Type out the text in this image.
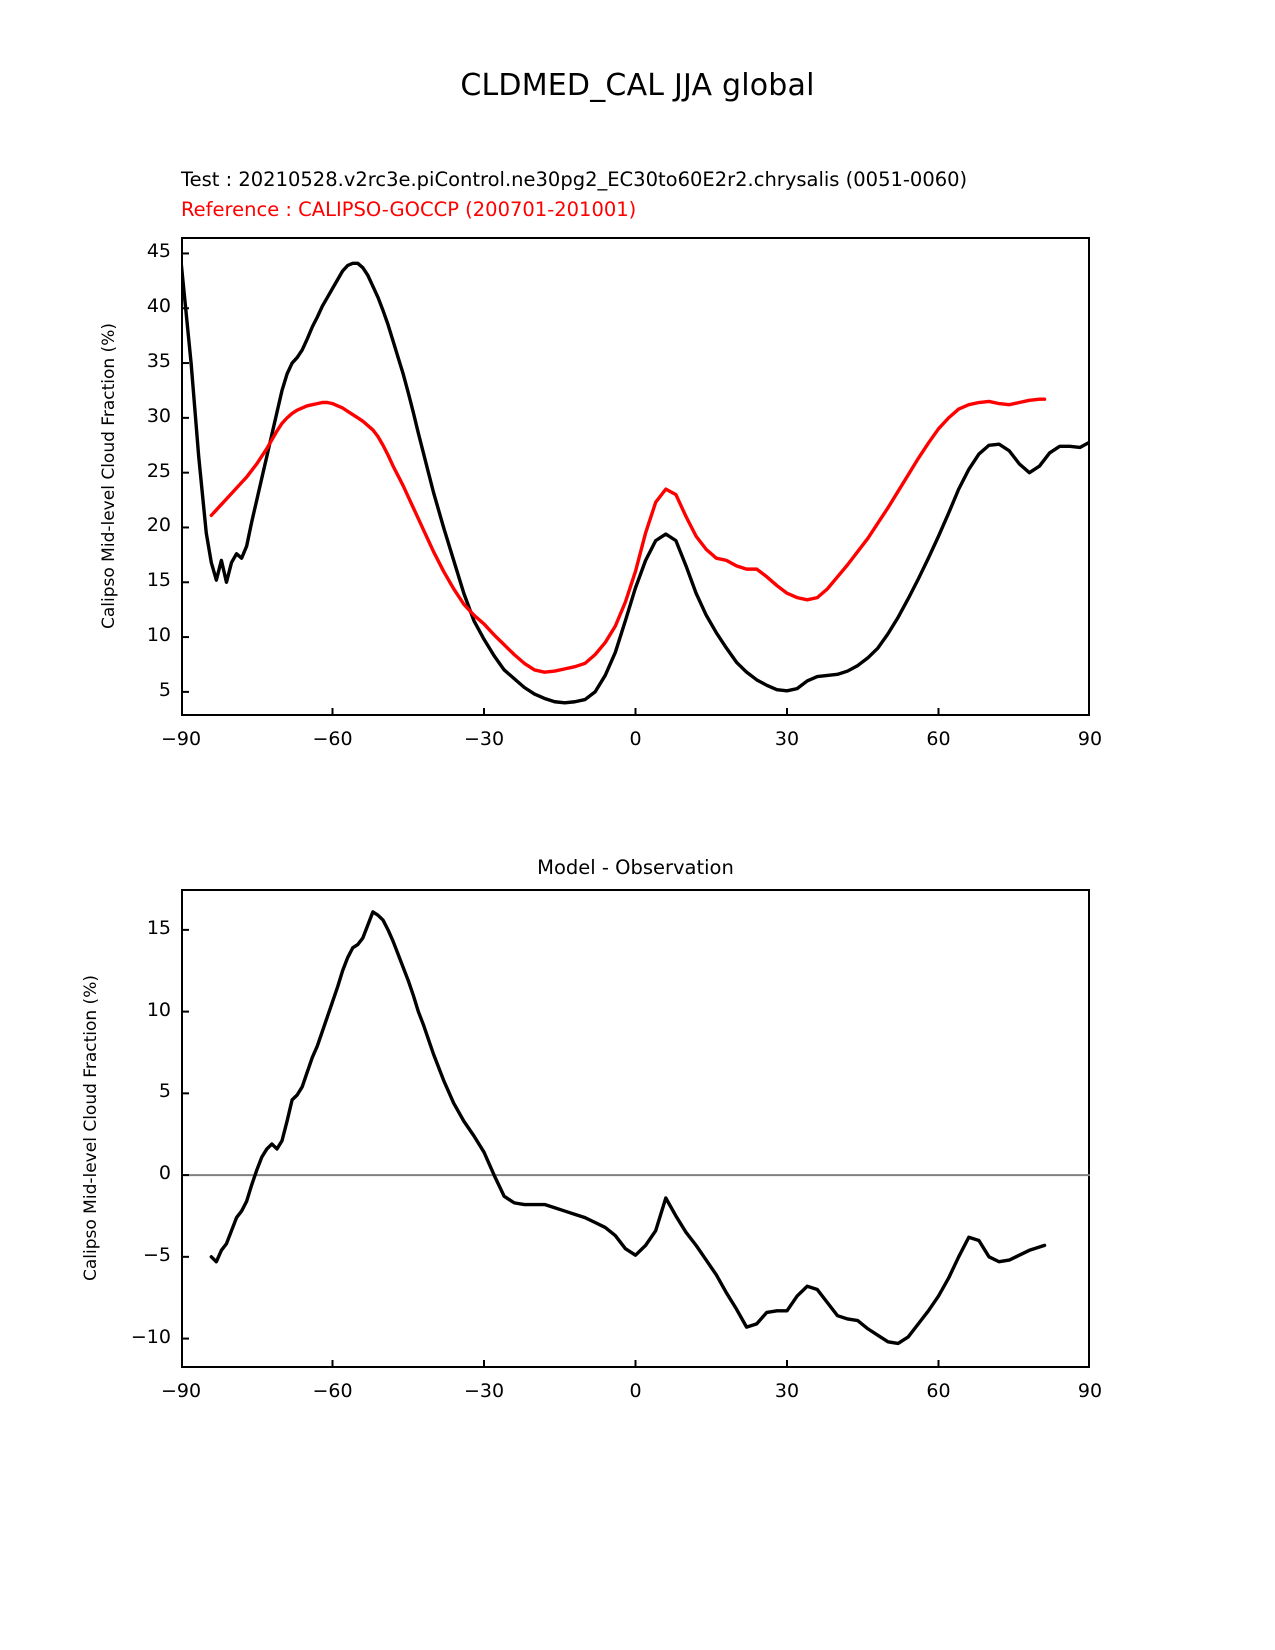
CLDMED_CAL JJA global
Test : 20210528.v2rc3e.piControl.ne30pg2_EC30to60E2r2.chrysalis (0051-0060)
Reference : CALIPSO-GOCCP (200701-201001)
Calipso Mid-level Cloud Fraction (%)
5
10
15
20
25
30
35
40
45
−90	−60	−30	0	30	60	90
Model - Observation
Calipso Mid-level Cloud Fraction (%)
−10
−5
0
5
10
15
−90	−60	−30	0	30	60	90
